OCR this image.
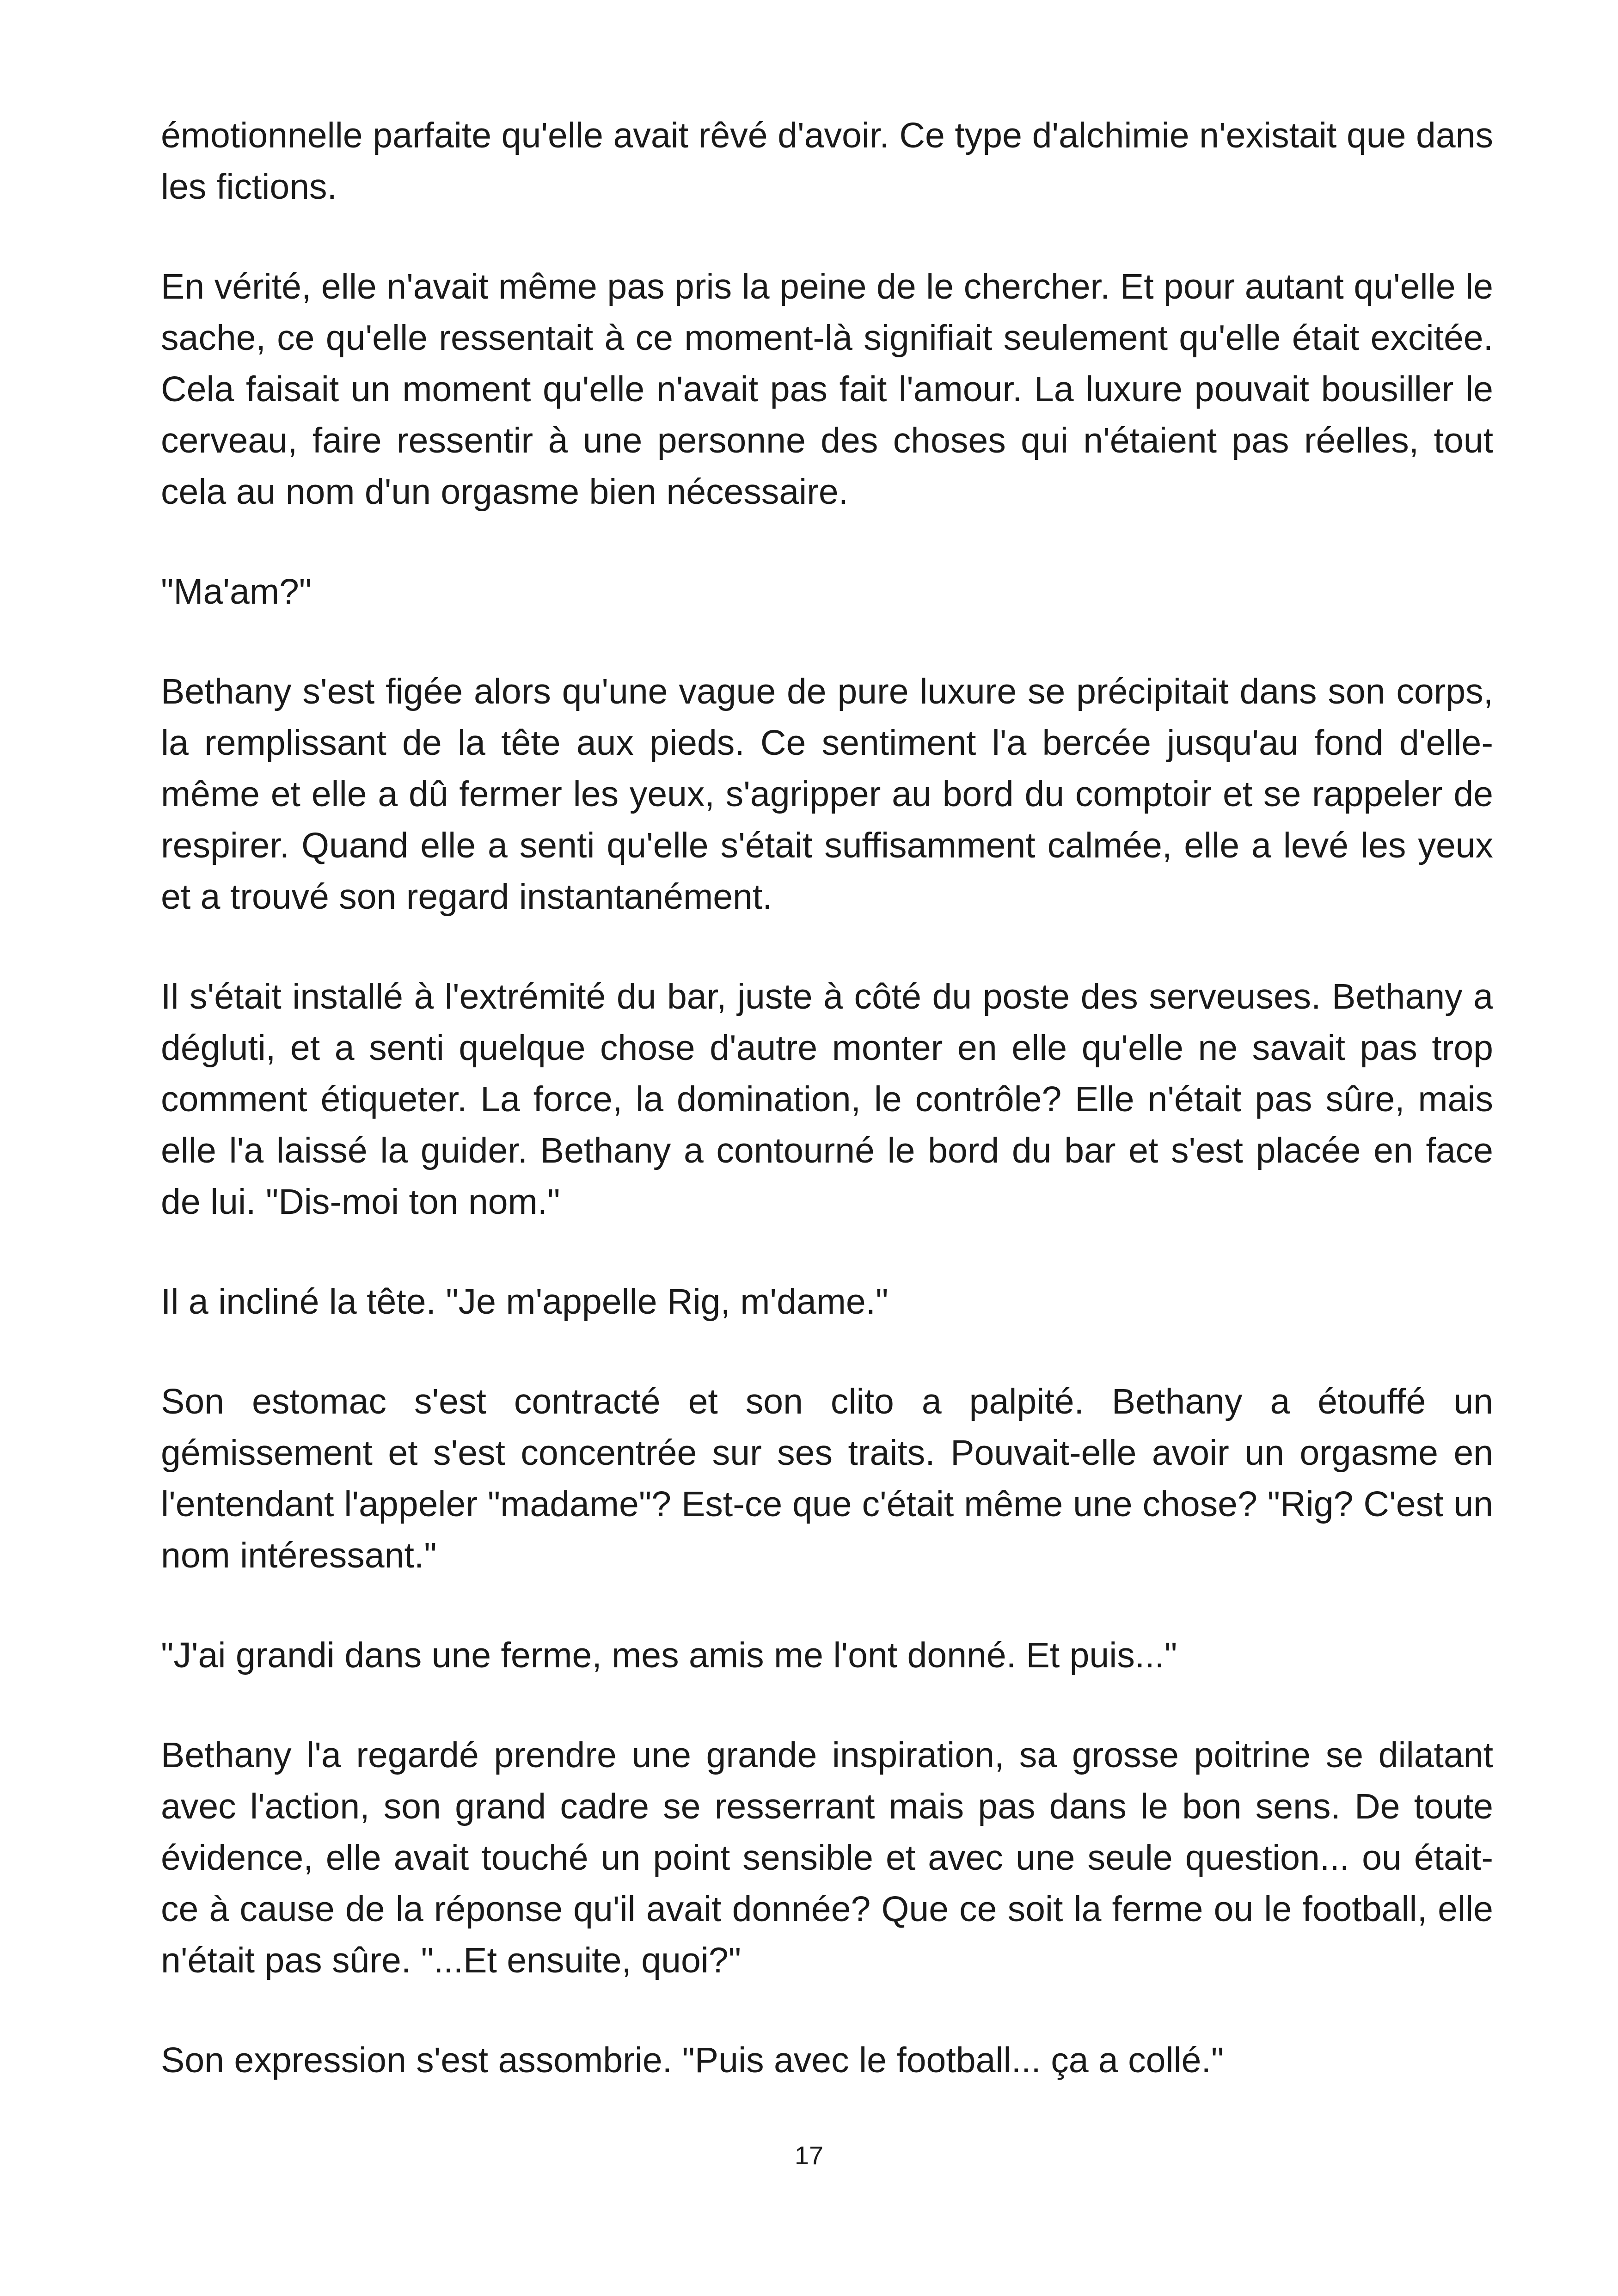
émotionnelle parfaite qu'elle avait rêvé d'avoir. Ce type d'alchimie n'existait que dans les fictions.

En vérité, elle n'avait même pas pris la peine de le chercher. Et pour autant qu'elle le sache, ce qu'elle ressentait à ce moment-là signifiait seulement qu'elle était excitée. Cela faisait un moment qu'elle n'avait pas fait l'amour. La luxure pouvait bousiller le cerveau, faire ressentir à une personne des choses qui n'étaient pas réelles, tout cela au nom d'un orgasme bien nécessaire.

"Ma'am?"

Bethany s'est figée alors qu'une vague de pure luxure se précipitait dans son corps, la remplissant de la tête aux pieds. Ce sentiment l'a bercée jusqu'au fond d'elle-même et elle a dû fermer les yeux, s'agripper au bord du comptoir et se rappeler de respirer. Quand elle a senti qu'elle s'était suffisamment calmée, elle a levé les yeux et a trouvé son regard instantanément.

Il s'était installé à l'extrémité du bar, juste à côté du poste des serveuses. Bethany a dégluti, et a senti quelque chose d'autre monter en elle qu'elle ne savait pas trop comment étiqueter. La force, la domination, le contrôle? Elle n'était pas sûre, mais elle l'a laissé la guider. Bethany a contourné le bord du bar et s'est placée en face de lui. "Dis-moi ton nom."

Il a incliné la tête. "Je m'appelle Rig, m'dame."

Son estomac s'est contracté et son clito a palpité. Bethany a étouffé un gémissement et s'est concentrée sur ses traits. Pouvait-elle avoir un orgasme en l'entendant l'appeler "madame"? Est-ce que c'était même une chose? "Rig? C'est un nom intéressant."

"J'ai grandi dans une ferme, mes amis me l'ont donné. Et puis..."

Bethany l'a regardé prendre une grande inspiration, sa grosse poitrine se dilatant avec l'action, son grand cadre se resserrant mais pas dans le bon sens. De toute évidence, elle avait touché un point sensible et avec une seule question... ou était-ce à cause de la réponse qu'il avait donnée? Que ce soit la ferme ou le football, elle n'était pas sûre. "...Et ensuite, quoi?"

Son expression s'est assombrie. "Puis avec le football... ça a collé."

17
